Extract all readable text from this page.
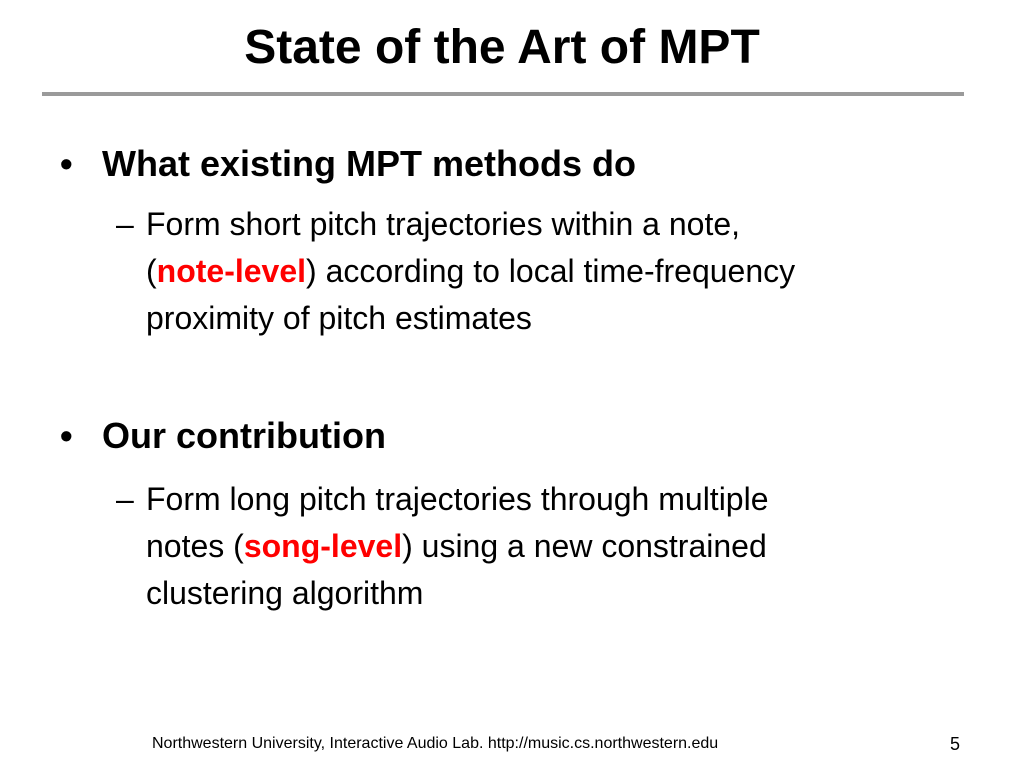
State of the Art of MPT
• What existing MPT methods do
– Form short pitch trajectories within a note,
(note-level) according to local time-frequency
proximity of pitch estimates
• Our contribution
– Form long pitch trajectories through multiple
notes (song-level) using a new constrained
clustering algorithm
Northwestern University, Interactive Audio Lab. http://music.cs.northwestern.edu	5
